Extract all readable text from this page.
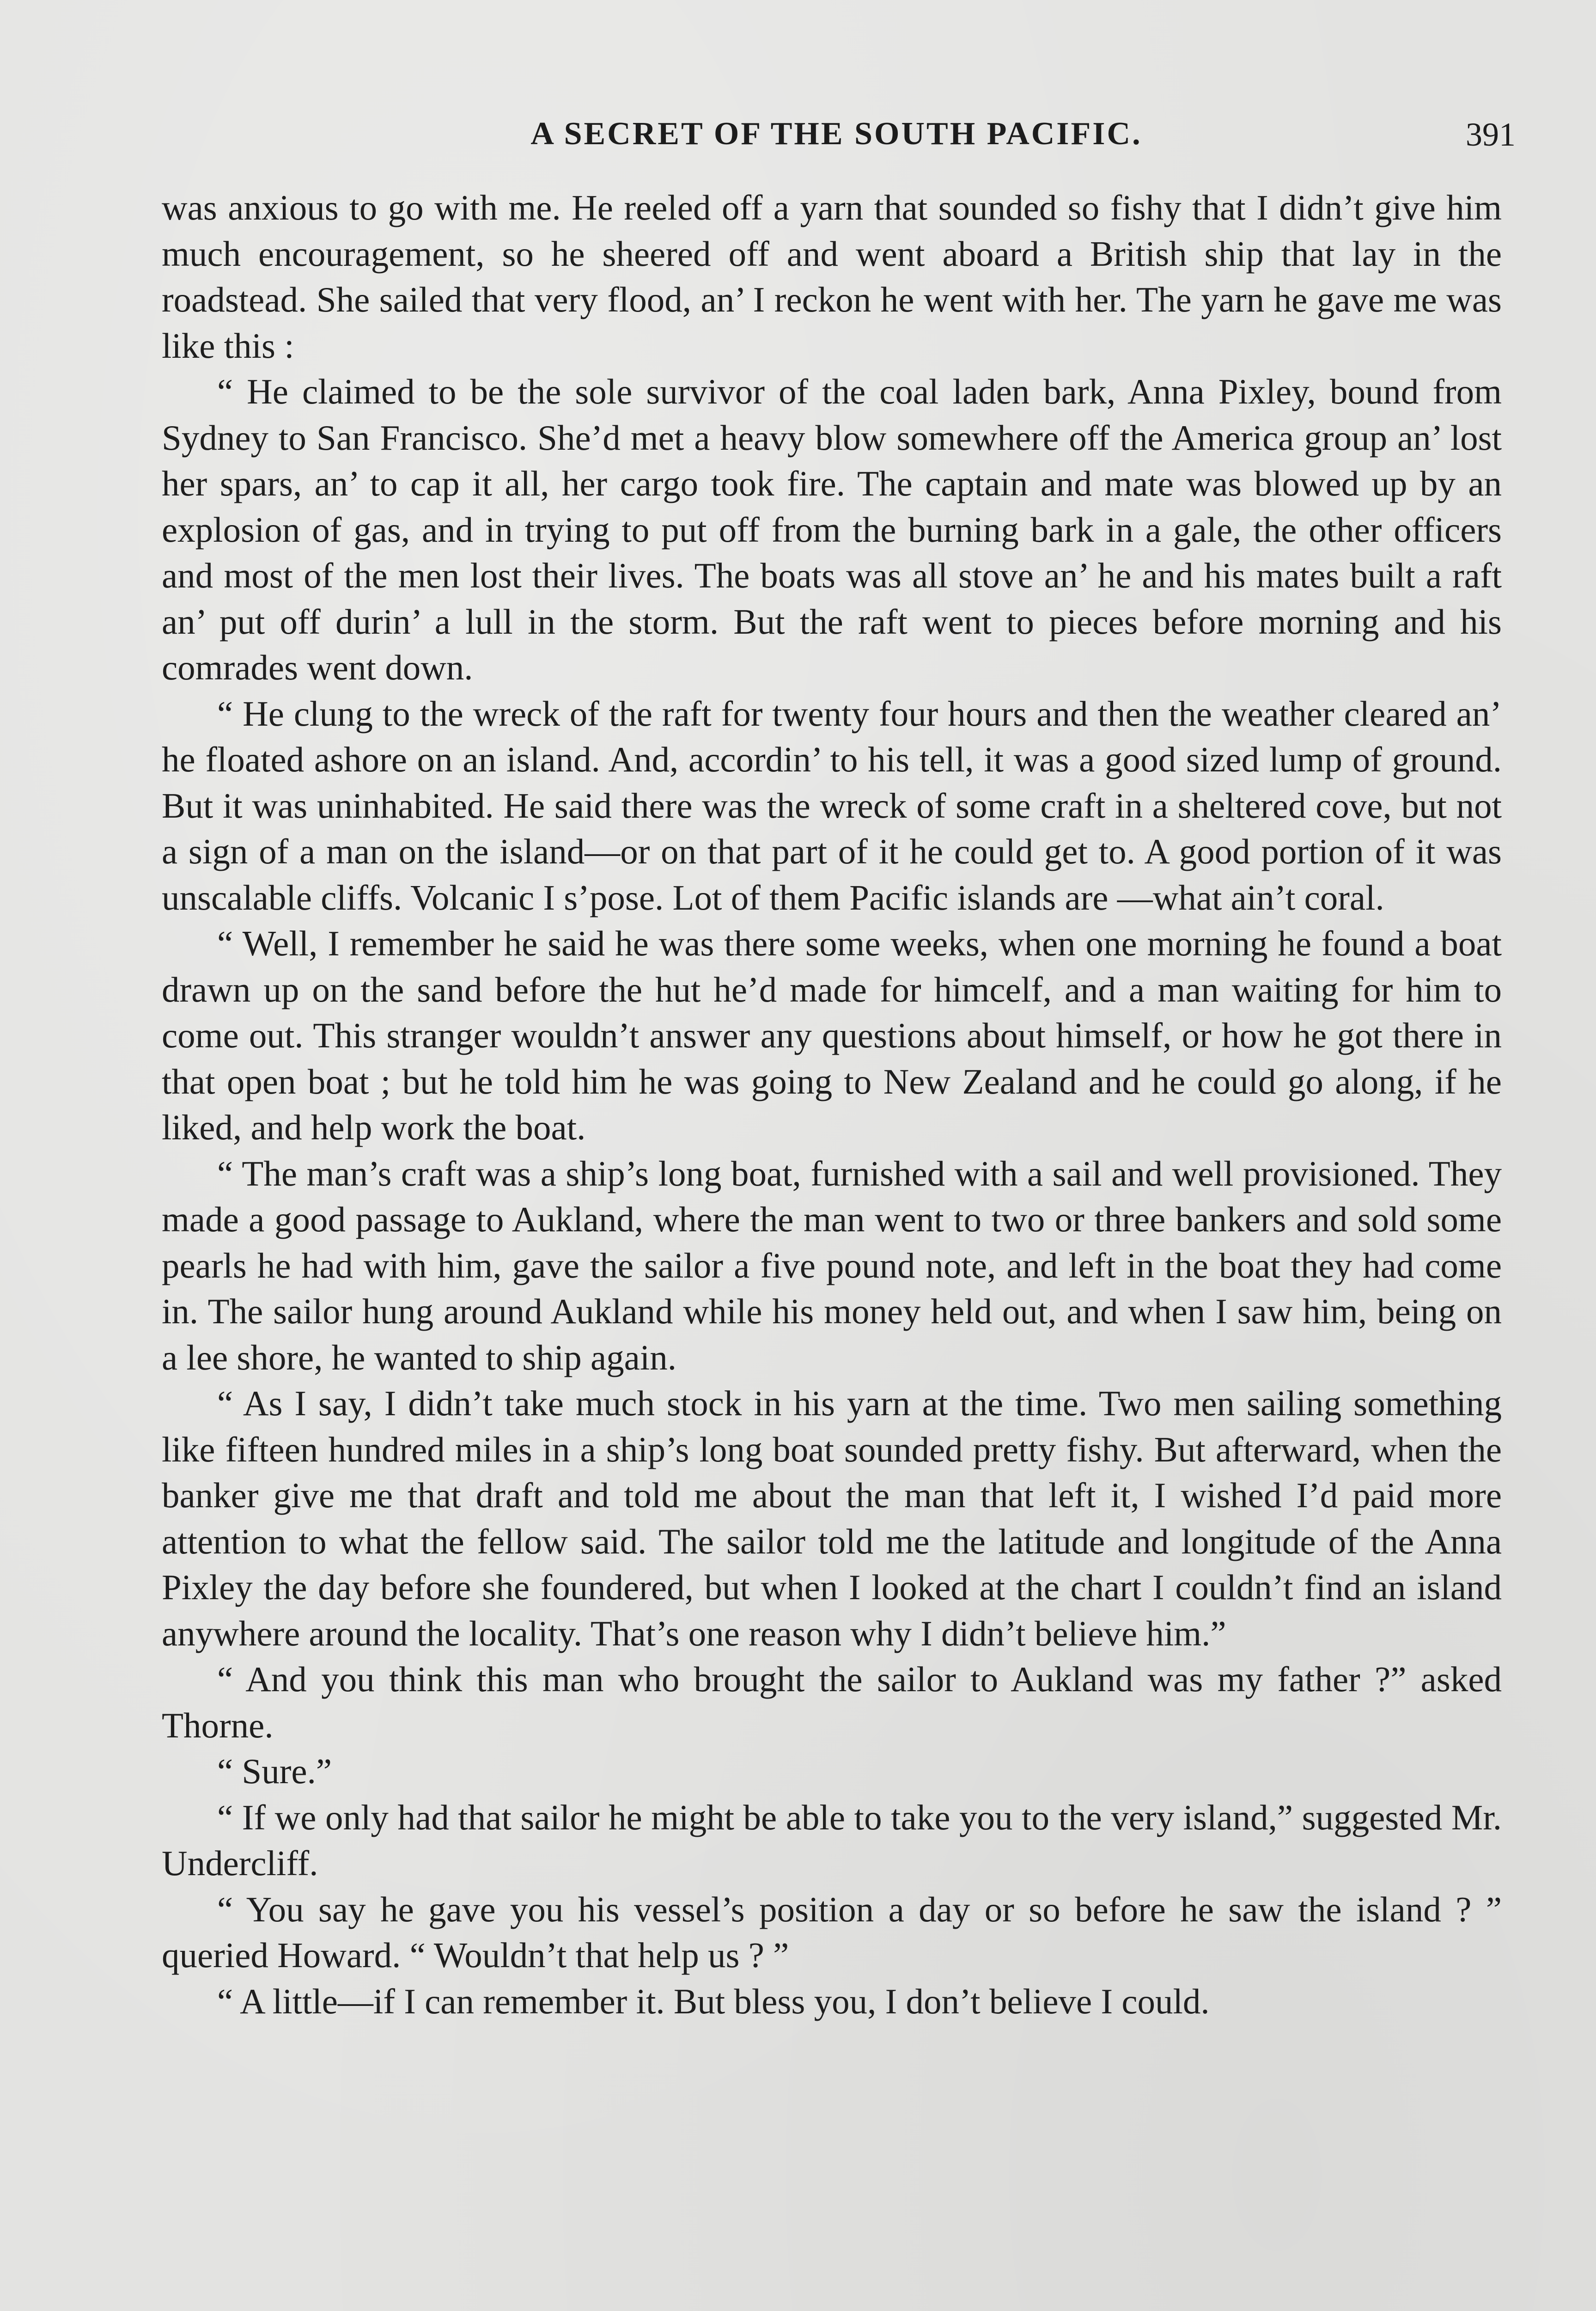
A SECRET OF THE SOUTH PACIFIC.	391

was anxious to go with me. He reeled off a yarn that sounded so fishy that I didn’t give him much encouragement, so he sheered off and went aboard a British ship that lay in the roadstead. She sailed that very flood, an’ I reckon he went with her. The yarn he gave me was like this :

“ He claimed to be the sole survivor of the coal laden bark, Anna Pixley, bound from Sydney to San Francisco. She’d met a heavy blow somewhere off the America group an’ lost her spars, an’ to cap it all, her cargo took fire. The captain and mate was blowed up by an explosion of gas, and in trying to put off from the burning bark in a gale, the other officers and most of the men lost their lives. The boats was all stove an’ he and his mates built a raft an’ put off durin’ a lull in the storm. But the raft went to pieces before morning and his comrades went down.

“ He clung to the wreck of the raft for twenty four hours and then the weather cleared an’ he floated ashore on an island. And, accordin’ to his tell, it was a good sized lump of ground. But it was uninhabited. He said there was the wreck of some craft in a sheltered cove, but not a sign of a man on the island—or on that part of it he could get to. A good portion of it was unscalable cliffs. Volcanic I s’pose. Lot of them Pacific islands are —what ain’t coral.

“ Well, I remember he said he was there some weeks, when one morning he found a boat drawn up on the sand before the hut he’d made for himcelf, and a man waiting for him to come out. This stranger wouldn’t answer any questions about himself, or how he got there in that open boat ; but he told him he was going to New Zealand and he could go along, if he liked, and help work the boat.

“ The man’s craft was a ship’s long boat, furnished with a sail and well provisioned. They made a good passage to Aukland, where the man went to two or three bankers and sold some pearls he had with him, gave the sailor a five pound note, and left in the boat they had come in. The sailor hung around Aukland while his money held out, and when I saw him, being on a lee shore, he wanted to ship again.

“ As I say, I didn’t take much stock in his yarn at the time. Two men sailing something like fifteen hundred miles in a ship’s long boat sounded pretty fishy. But afterward, when the banker give me that draft and told me about the man that left it, I wished I’d paid more attention to what the fellow said. The sailor told me the latitude and longitude of the Anna Pixley the day before she foundered, but when I looked at the chart I couldn’t find an island anywhere around the locality. That’s one reason why I didn’t believe him.”

“ And you think this man who brought the sailor to Aukland was my father ?” asked Thorne.

“ Sure.”

“ If we only had that sailor he might be able to take you to the very island,” suggested Mr. Undercliff.

“ You say he gave you his vessel’s position a day or so before he saw the island ? ” queried Howard. “ Wouldn’t that help us ? ”

“ A little—if I can remember it. But bless you, I don’t believe I could.
